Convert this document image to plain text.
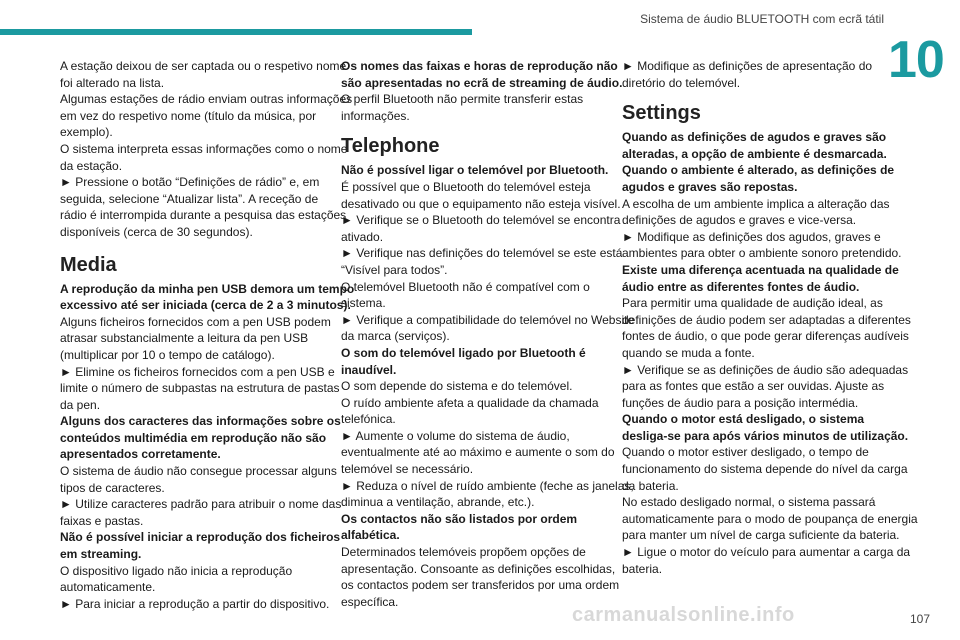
Sistema de áudio BLUETOOTH com ecrã tátil
10
A estação deixou de ser captada ou o respetivo nome
foi alterado na lista.
Algumas estações de rádio enviam outras informações
em vez do respetivo nome (título da música, por
exemplo).
O sistema interpreta essas informações como o nome
da estação.
► Pressione o botão “Definições de rádio” e, em
seguida, selecione “Atualizar lista”. A receção de
rádio é interrompida durante a pesquisa das estações
disponíveis (cerca de 30 segundos).
Media
A reprodução da minha pen USB demora um tempo
excessivo até ser iniciada (cerca de 2 a 3 minutos).
Alguns ficheiros fornecidos com a pen USB podem
atrasar substancialmente a leitura da pen USB
(multiplicar por 10 o tempo de catálogo).
► Elimine os ficheiros fornecidos com a pen USB e
limite o número de subpastas na estrutura de pastas
da pen.
Alguns dos caracteres das informações sobre os
conteúdos multimédia em reprodução não são
apresentados corretamente.
O sistema de áudio não consegue processar alguns
tipos de caracteres.
► Utilize caracteres padrão para atribuir o nome das
faixas e pastas.
Não é possível iniciar a reprodução dos ficheiros
em streaming.
O dispositivo ligado não inicia a reprodução
automaticamente.
► Para iniciar a reprodução a partir do dispositivo.
Os nomes das faixas e horas de reprodução não
são apresentadas no ecrã de streaming de áudio.
O perfil Bluetooth não permite transferir estas
informações.
Telephone
Não é possível ligar o telemóvel por Bluetooth.
É possível que o Bluetooth do telemóvel esteja
desativado ou que o equipamento não esteja visível.
► Verifique se o Bluetooth do telemóvel se encontra
ativado.
► Verifique nas definições do telemóvel se este está
“Visível para todos”.
O telemóvel Bluetooth não é compatível com o
sistema.
► Verifique a compatibilidade do telemóvel no Website
da marca (serviços).
O som do telemóvel ligado por Bluetooth é
inaudível.
O som depende do sistema e do telemóvel.
O ruído ambiente afeta a qualidade da chamada
telefónica.
► Aumente o volume do sistema de áudio,
eventualmente até ao máximo e aumente o som do
telemóvel se necessário.
► Reduza o nível de ruído ambiente (feche as janelas,
diminua a ventilação, abrande, etc.).
Os contactos não são listados por ordem
alfabética.
Determinados telemóveis propõem opções de
apresentação. Consoante as definições escolhidas,
os contactos podem ser transferidos por uma ordem
específica.
► Modifique as definições de apresentação do
diretório do telemóvel.
Settings
Quando as definições de agudos e graves são
alteradas, a opção de ambiente é desmarcada.
Quando o ambiente é alterado, as definições de
agudos e graves são repostas.
A escolha de um ambiente implica a alteração das
definições de agudos e graves e vice-versa.
► Modifique as definições dos agudos, graves e
ambientes para obter o ambiente sonoro pretendido.
Existe uma diferença acentuada na qualidade de
áudio entre as diferentes fontes de áudio.
Para permitir uma qualidade de audição ideal, as
definições de áudio podem ser adaptadas a diferentes
fontes de áudio, o que pode gerar diferenças audíveis
quando se muda a fonte.
► Verifique se as definições de áudio são adequadas
para as fontes que estão a ser ouvidas. Ajuste as
funções de áudio para a posição intermédia.
Quando o motor está desligado, o sistema
desliga-se para após vários minutos de utilização.
Quando o motor estiver desligado, o tempo de
funcionamento do sistema depende do nível da carga
da bateria.
No estado desligado normal, o sistema passará
automaticamente para o modo de poupança de energia
para manter um nível de carga suficiente da bateria.
► Ligue o motor do veículo para aumentar a carga da
bateria.
carmanualsonline.info	107
